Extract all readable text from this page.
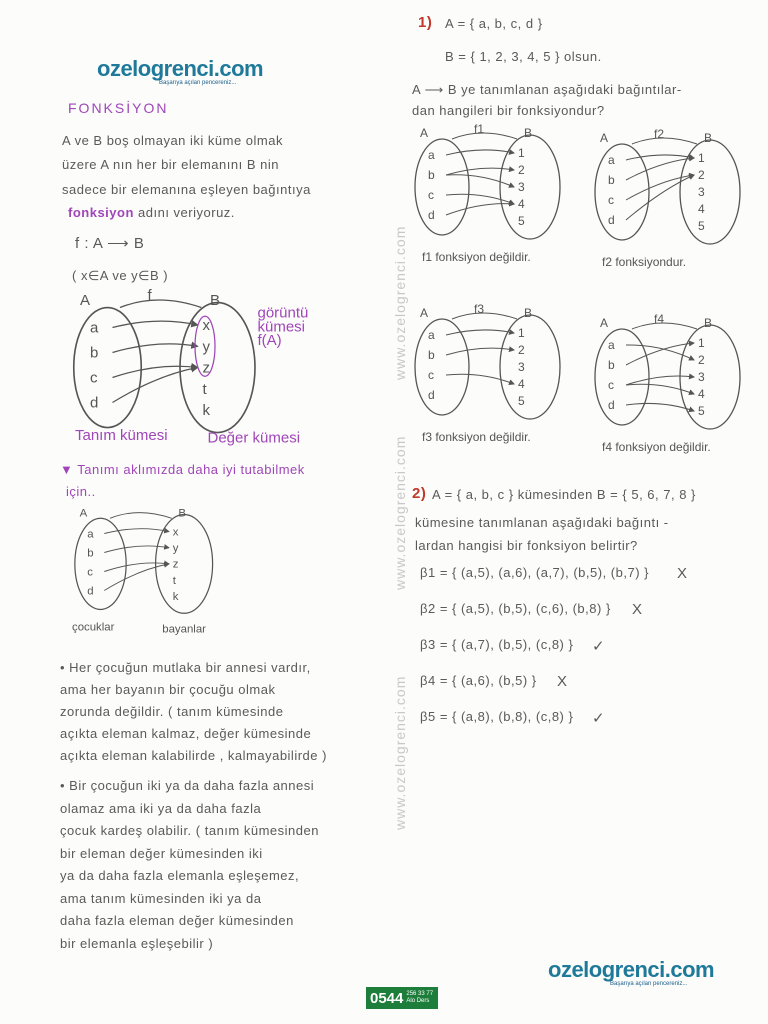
ozelogrenci.com
Başarıya açılan pencereniz...
ozelogrenci.com
Başarıya açılan pencereniz...
www.ozelogrenci.com
www.ozelogrenci.com
www.ozelogrenci.com
FONKSİYON
A ve B boş olmayan iki küme olmak
üzere A nın her bir elemanını B nin
sadece bir elemanına eşleyen bağıntıya
fonksiyon adını veriyoruz.
f : A ⟶ B
( x∈A ve y∈B )
▼ Tanımı aklımızda daha iyi tutabilmek
için..
1) A = { a, b, c, d }
B = { 1, 2, 3, 4, 5 } olsun.
A ⟶ B ye tanımlanan aşağıdaki bağıntılar-
dan hangileri bir fonksiyondur?
2) A = { a, b, c } kümesinden B = { 5, 6, 7, 8 }
kümesine tanımlanan aşağıdaki bağıntı -
lardan hangisi bir fonksiyon belirtir?
0544 256 33 77
Alo Ders
• Her çocuğun mutlaka bir annesi vardır,
ama her bayanın bir çocuğu olmak
zorunda değildir. ( tanım kümesinde
açıkta eleman kalmaz, değer kümesinde
açıkta eleman kalabilirde , kalmayabilirde )
• Bir çocuğun iki ya da daha fazla annesi
olamaz ama iki ya da daha fazla
çocuk kardeş olabilir. ( tanım kümesinden
bir eleman değer kümesinden iki
ya da daha fazla elemanla eşleşemez,
ama tanım kümesinden iki ya da
daha fazla eleman değer kümesinden
bir elemanla eşleşebilir )
β1 = { (a,5), (a,6), (a,7), (b,5), (b,7) } X
β2 = { (a,5), (b,5), (c,6), (b,8) } X
β3 = { (a,7), (b,5), (c,8) } ✓
β4 = { (a,6), (b,5) } X
β5 = { (a,8), (b,8), (c,8) } ✓
A	B
f
a
b
c
d
x
y
z
t
k
Tanım kümesi	Değer kümesi
görüntü
kümesi
f(A)
A	B
a
b
c
d
x
y
z
t
k
çocuklar	bayanlar
A	B
f1
a
b
c
d
1
2
3
4
5
f1 fonksiyon değildir.
A	B
f2
a
b
c
d
1
2
3
4
5
f2 fonksiyondur.
A	B
f3
a
b
c
d
1
2
3
4
5
f3 fonksiyon değildir.
A	B
f4
a
b
c
d
1
2
3
4
5
f4 fonksiyon değildir.
